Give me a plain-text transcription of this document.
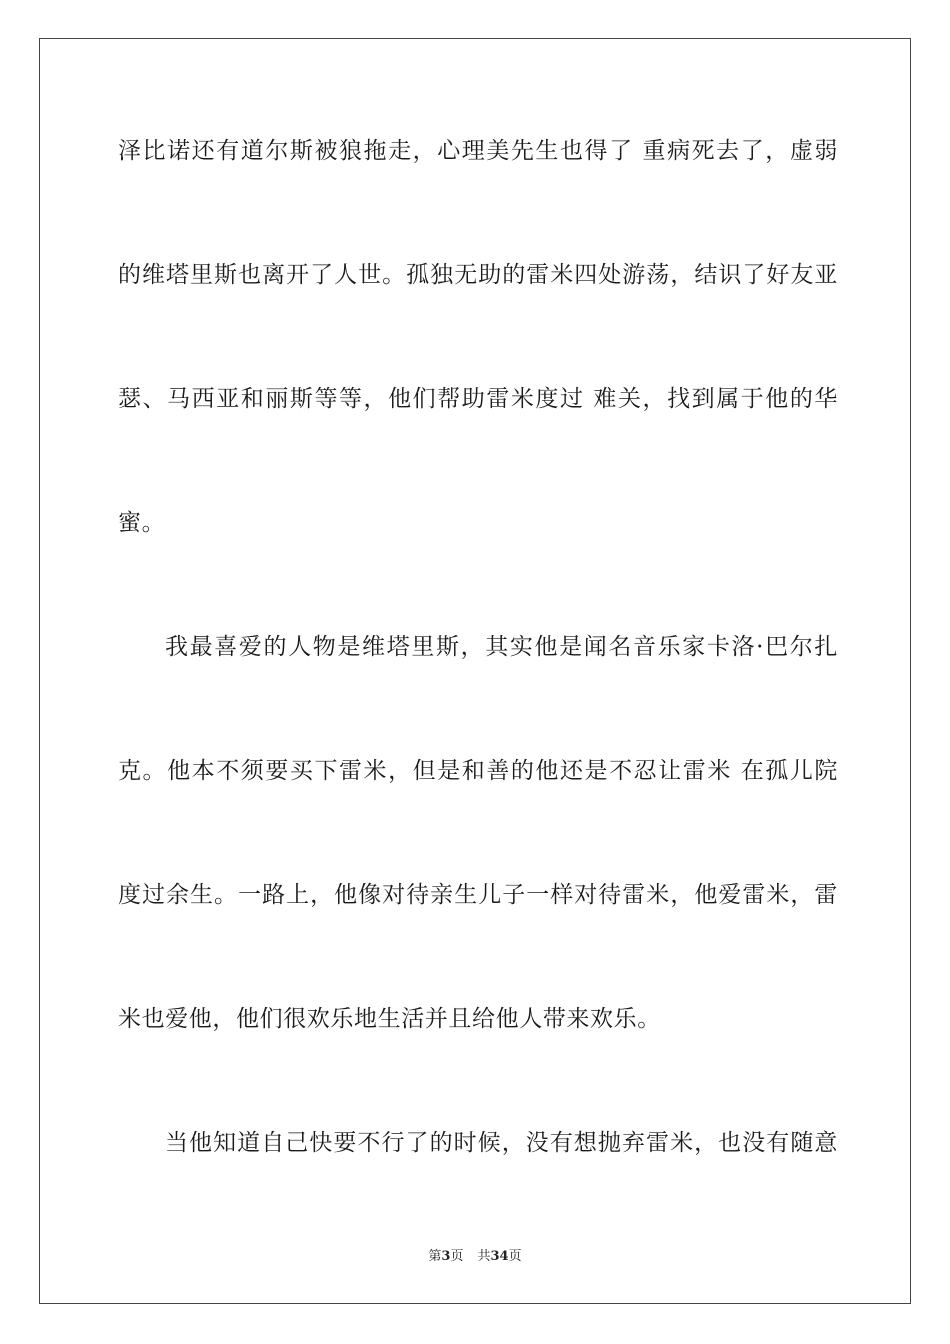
泽比诺还有道尔斯被狼拖走，心理美先生也得了 重病死去了，虚弱
的维塔里斯也离开了人世。孤独无助的雷米四处游荡，结识了好友亚
瑟、马西亚和丽斯等等，他们帮助雷米度过 难关，找到属于他的华
蜜。
我最喜爱的人物是维塔里斯，其实他是闻名音乐家卡洛·巴尔扎
克。他本不须要买下雷米，但是和善的他还是不忍让雷米 在孤儿院
度过余生。一路上，他像对待亲生儿子一样对待雷米，他爱雷米，雷
米也爱他，他们很欢乐地生活并且给他人带来欢乐。
当他知道自己快要不行了的时候，没有想抛弃雷米，也没有随意
第3页 共34页
